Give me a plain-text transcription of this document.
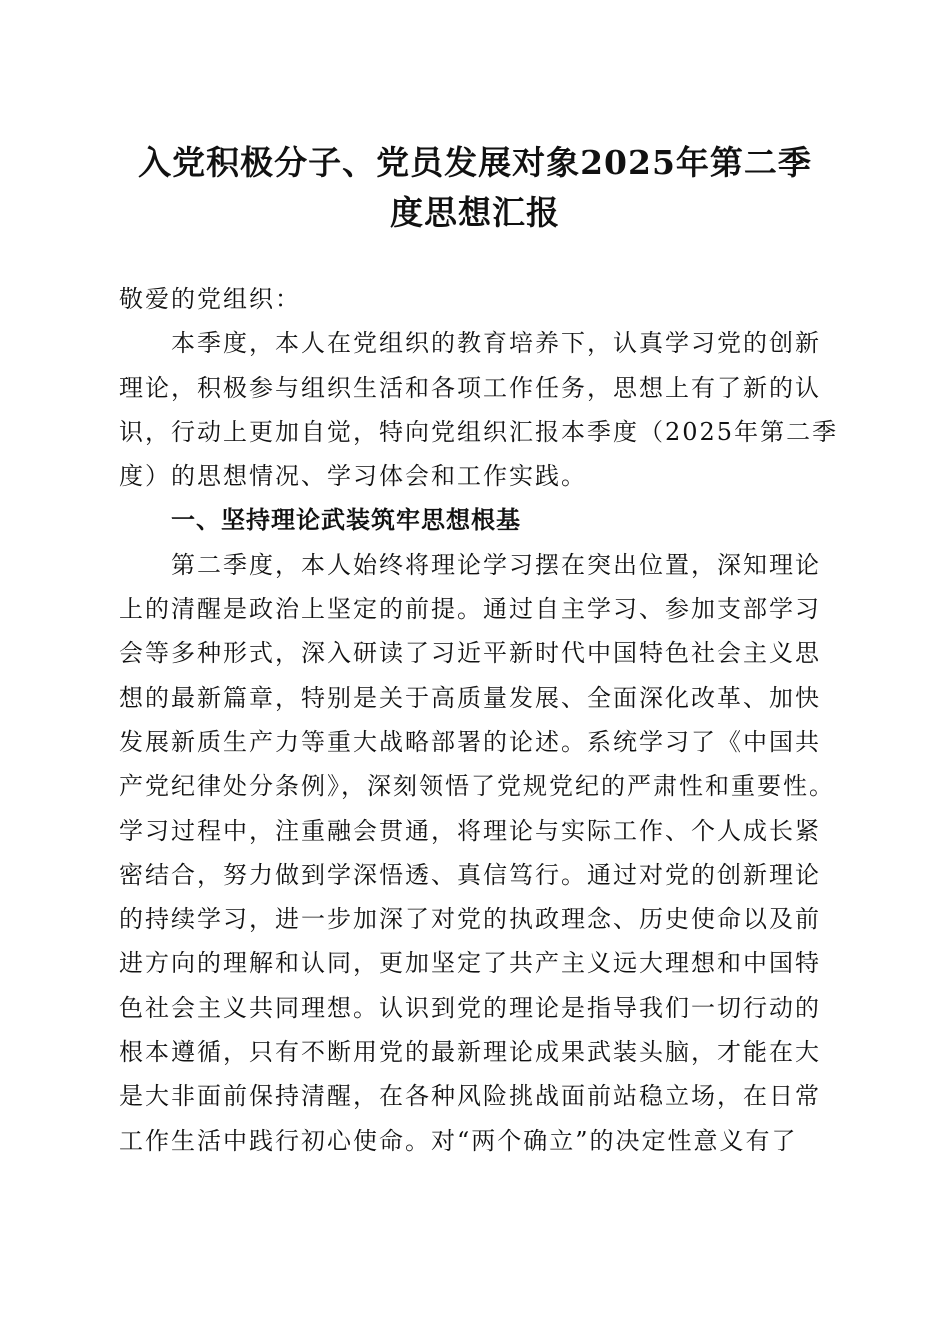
入党积极分子、党员发展对象2025年第二季
度思想汇报
敬爱的党组织：
本季度，本人在党组织的教育培养下，认真学习党的创新
理论，积极参与组织生活和各项工作任务，思想上有了新的认
识，行动上更加自觉，特向党组织汇报本季度（2025年第二季
度）的思想情况、学习体会和工作实践。
一、坚持理论武装筑牢思想根基
第二季度，本人始终将理论学习摆在突出位置，深知理论
上的清醒是政治上坚定的前提。通过自主学习、参加支部学习
会等多种形式，深入研读了习近平新时代中国特色社会主义思
想的最新篇章，特别是关于高质量发展、全面深化改革、加快
发展新质生产力等重大战略部署的论述。系统学习了《中国共
产党纪律处分条例》，深刻领悟了党规党纪的严肃性和重要性。
学习过程中，注重融会贯通，将理论与实际工作、个人成长紧
密结合，努力做到学深悟透、真信笃行。通过对党的创新理论
的持续学习，进一步加深了对党的执政理念、历史使命以及前
进方向的理解和认同，更加坚定了共产主义远大理想和中国特
色社会主义共同理想。认识到党的理论是指导我们一切行动的
根本遵循，只有不断用党的最新理论成果武装头脑，才能在大
是大非面前保持清醒，在各种风险挑战面前站稳立场，在日常
工作生活中践行初心使命。对“两个确立”的决定性意义有了
